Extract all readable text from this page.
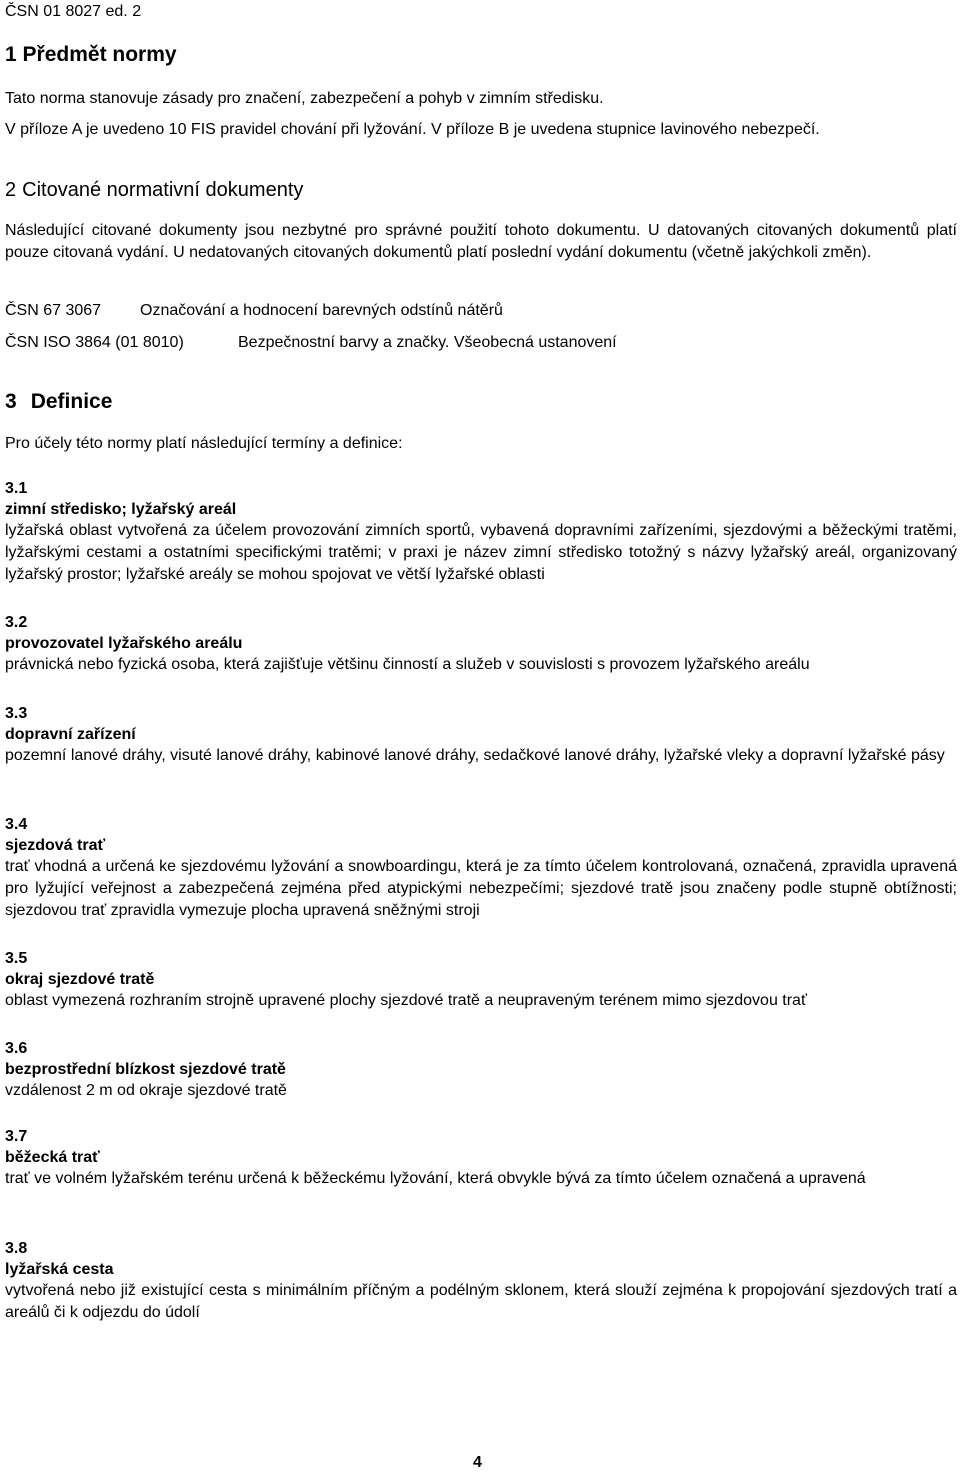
ČSN 01 8027 ed. 2
1 Předmět normy

Tato norma stanovuje zásady pro značení, zabezpečení a pohyb v zimním středisku.

V příloze A je uvedeno 10 FIS pravidel chování při lyžování. V příloze B je uvedena stupnice lavinového nebezpečí.

2 Citované normativní dokumenty

Následující citované dokumenty jsou nezbytné pro správné použití tohoto dokumentu. U datovaných citovaných dokumentů platí pouze citovaná vydání. U nedatovaných citovaných dokumentů platí poslední vydání dokumentu (včetně jakýchkoli změn).

ČSN 67 3067 Označování a hodnocení barevných odstínů nátěrů
ČSN ISO 3864 (01 8010)	Bezpečnostní barvy a značky. Všeobecná ustanovení
3 Definice

Pro účely této normy platí následující termíny a definice:

3.1
zimní středisko; lyžařský areál
lyžařská oblast vytvořená za účelem provozování zimních sportů, vybavená dopravními zařízeními, sjezdovými a běžeckými tratěmi, lyžařskými cestami a ostatními specifickými tratěmi; v praxi je název zimní středisko totožný s názvy lyžařský areál, organizovaný lyžařský prostor; lyžařské areály se mohou spojovat ve větší lyžařské oblasti
3.2
provozovatel lyžařského areálu
právnická nebo fyzická osoba, která zajišťuje většinu činností a služeb v souvislosti s provozem lyžařského areálu
3.3
dopravní zařízení
pozemní lanové dráhy, visuté lanové dráhy, kabinové lanové dráhy, sedačkové lanové dráhy, lyžařské vleky a dopravní lyžařské pásy
3.4
sjezdová trať
trať vhodná a určená ke sjezdovému lyžování a snowboardingu, která je za tímto účelem kontrolovaná, označená, zpravidla upravená pro lyžující veřejnost a zabezpečená zejména před atypickými nebezpečími; sjezdové tratě jsou značeny podle stupně obtížnosti; sjezdovou trať zpravidla vymezuje plocha upravená sněžnými stroji
3.5
okraj sjezdové tratě
oblast vymezená rozhraním strojně upravené plochy sjezdové tratě a neupraveným terénem mimo sjezdovou trať
3.6
bezprostřední blízkost sjezdové tratě
vzdálenost 2 m od okraje sjezdové tratě
3.7
běžecká trať
trať ve volném lyžařském terénu určená k běžeckému lyžování, která obvykle bývá za tímto účelem označená a upravená
3.8
lyžařská cesta
vytvořená nebo již existující cesta s minimálním příčným a podélným sklonem, která slouží zejména k propojování sjezdových tratí a areálů či k odjezdu do údolí
4
